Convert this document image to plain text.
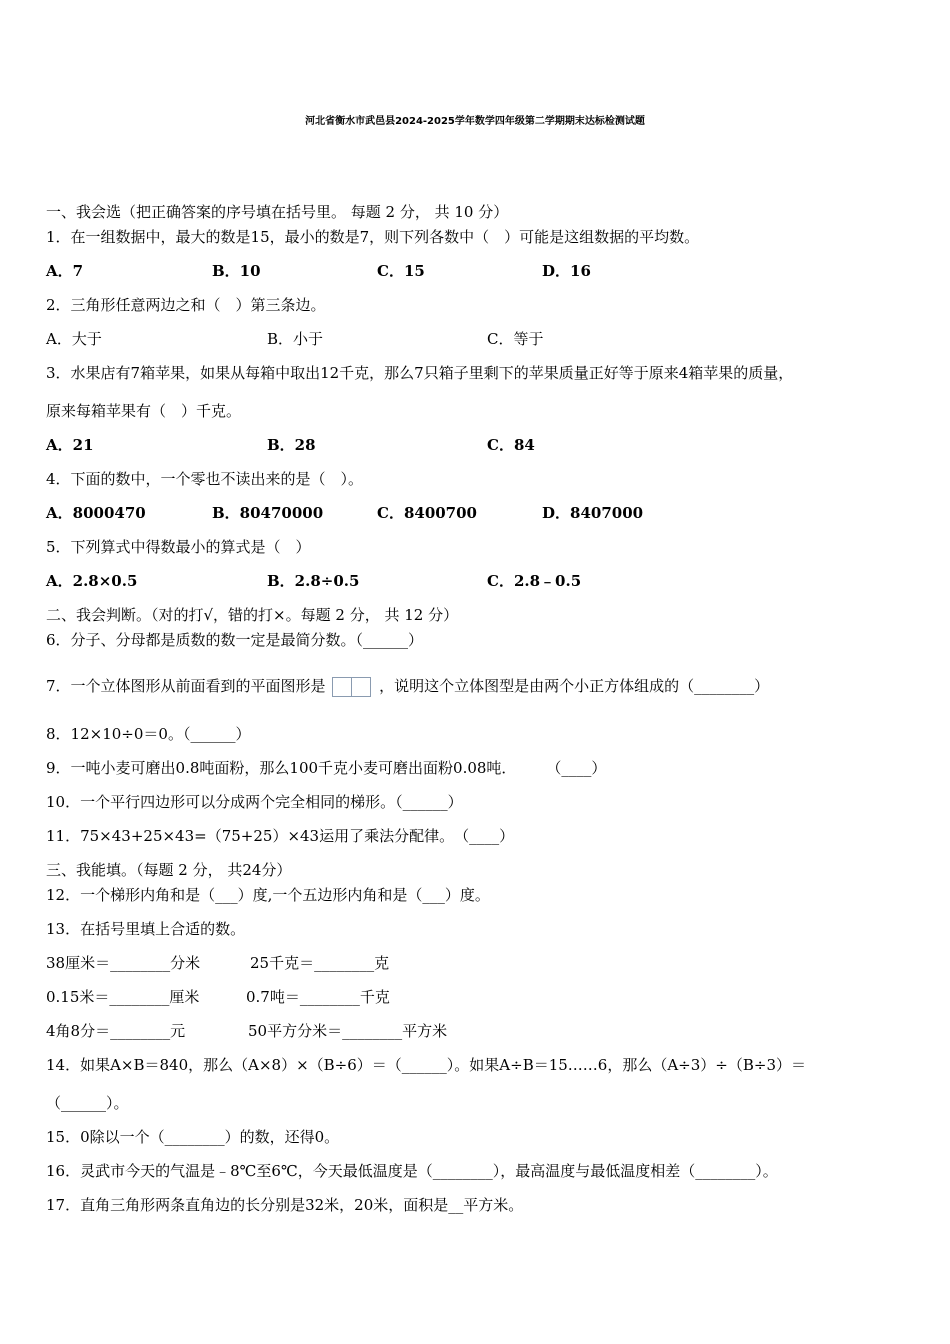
河北省衡水市武邑县2024-2025学年数学四年级第二学期期末达标检测试题
一、我会选（把正确答案的序号填在括号里。 每题 2 分， 共 10 分）
1．在一组数据中，最大的数是15，最小的数是7，则下列各数中（　）可能是这组数据的平均数。
A．7	B．10	C．15	D．16
2．三角形任意两边之和（　）第三条边。
A．大于	B．小于	C．等于
3．水果店有7箱苹果，如果从每箱中取出12千克，那么7只箱子里剩下的苹果质量正好等于原来4箱苹果的质量，
原来每箱苹果有（　）千克。
A．21	B．28	C．84
4．下面的数中，一个零也不读出来的是（　）。
A．8000470	B．80470000	C．8400700	D．8407000
5．下列算式中得数最小的算式是（　）
A．2.8×0.5	B．2.8÷0.5	C．2.8﹣0.5
二、我会判断。（对的打√，错的打×。每题 2 分， 共 12 分）
6．分子、分母都是质数的数一定是最简分数。（______）
7．一个立体图形从前面看到的平面图形是	，说明这个立体图型是由两个小正方体组成的（________）
8．12×10÷0＝0。（______）
9．一吨小麦可磨出0.8吨面粉，那么100千克小麦可磨出面粉0.08吨．　　　（____）
10．一个平行四边形可以分成两个完全相同的梯形。（______）
11．75×43+25×43=（75+25）×43运用了乘法分配律。　（____）
三、我能填。（每题 2 分， 共24分）
12．一个梯形内角和是（___）度,一个五边形内角和是（___）度。
13．在括号里填上合适的数。
38厘米＝________分米	25千克＝________克
0.15米＝________厘米	0.7吨＝________千克
4角8分＝________元	50平方分米＝________平方米
14．如果A×B＝840，那么（A×8）×（B÷6）＝（______）。如果A÷B＝15……6，那么（A÷3）÷（B÷3）＝
（______）。
15．0除以一个（________）的数，还得0。
16．灵武市今天的气温是﹣8℃至6℃，今天最低温度是（________），最高温度与最低温度相差（________）。
17．直角三角形两条直角边的长分别是32米，20米，面积是__平方米。
